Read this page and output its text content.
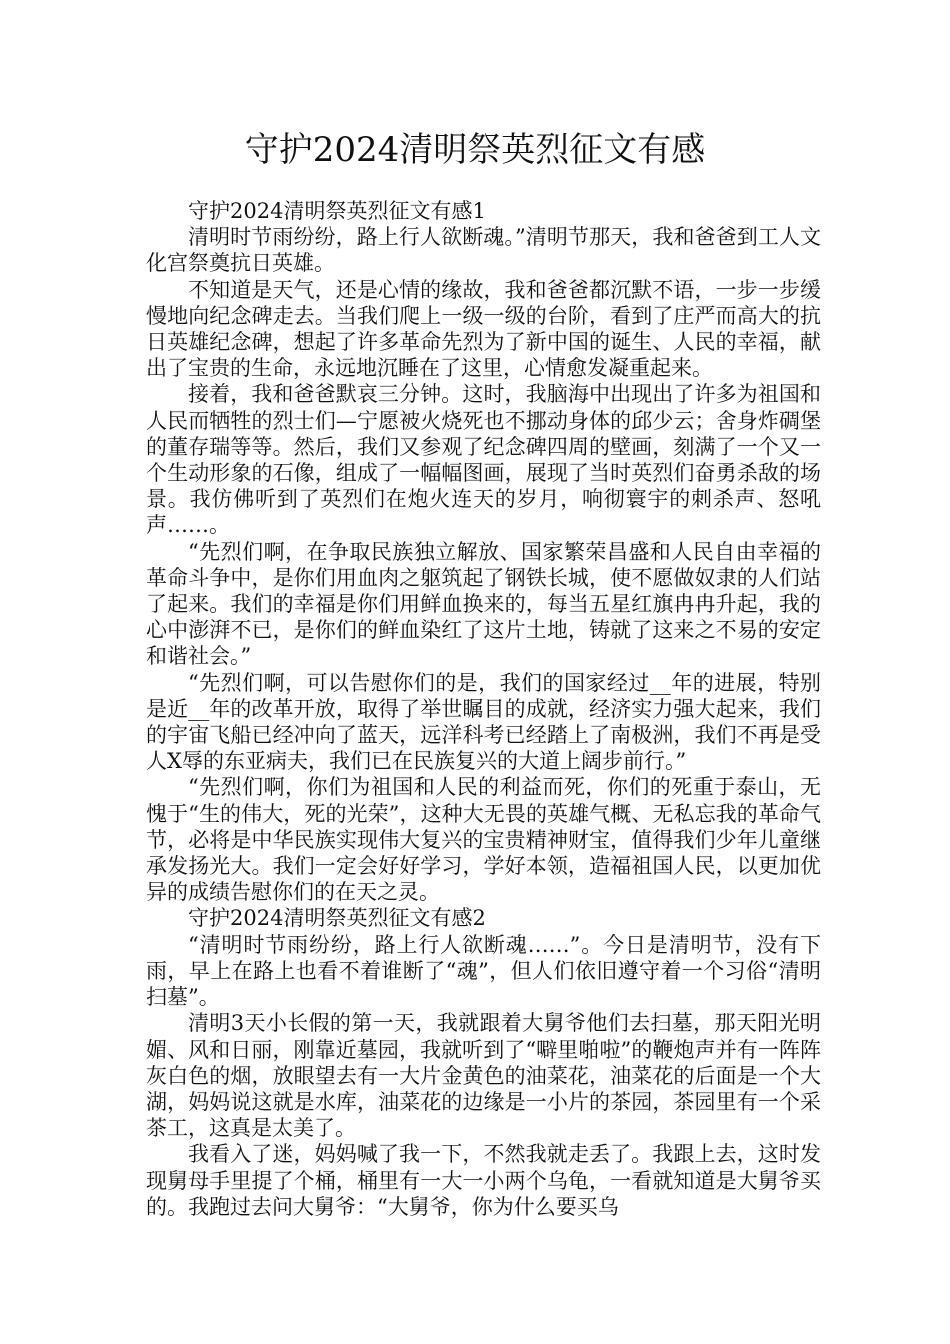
守护2024清明祭英烈征文有感

守护2024清明祭英烈征文有感1

清明时节雨纷纷，路上行人欲断魂。”清明节那天，我和爸爸到工人文化宫祭奠抗日英雄。

不知道是天气，还是心情的缘故，我和爸爸都沉默不语，一步一步缓慢地向纪念碑走去。当我们爬上一级一级的台阶，看到了庄严而高大的抗日英雄纪念碑，想起了许多革命先烈为了新中国的诞生、人民的幸福，献出了宝贵的生命，永远地沉睡在了这里，心情愈发凝重起来。

接着，我和爸爸默哀三分钟。这时，我脑海中出现出了许多为祖国和人民而牺牲的烈士们—宁愿被火烧死也不挪动身体的邱少云；舍身炸碉堡的董存瑞等等。然后，我们又参观了纪念碑四周的壁画，刻满了一个又一个生动形象的石像，组成了一幅幅图画，展现了当时英烈们奋勇杀敌的场景。我仿佛听到了英烈们在炮火连天的岁月，响彻寰宇的刺杀声、怒吼声……。

“先烈们啊，在争取民族独立解放、国家繁荣昌盛和人民自由幸福的革命斗争中，是你们用血肉之躯筑起了钢铁长城，使不愿做奴隶的人们站了起来。我们的幸福是你们用鲜血换来的，每当五星红旗冉冉升起，我的心中澎湃不已，是你们的鲜血染红了这片土地，铸就了这来之不易的安定和谐社会。”

“先烈们啊，可以告慰你们的是，我们的国家经过__年的进展，特别是近__年的改革开放，取得了举世瞩目的成就，经济实力强大起来，我们的宇宙飞船已经冲向了蓝天，远洋科考已经踏上了南极洲，我们不再是受人X辱的东亚病夫，我们已在民族复兴的大道上阔步前行。”

“先烈们啊，你们为祖国和人民的利益而死，你们的死重于泰山，无愧于“生的伟大，死的光荣”，这种大无畏的英雄气概、无私忘我的革命气节，必将是中华民族实现伟大复兴的宝贵精神财宝，值得我们少年儿童继承发扬光大。我们一定会好好学习，学好本领，造福祖国人民，以更加优异的成绩告慰你们的在天之灵。

守护2024清明祭英烈征文有感2

“清明时节雨纷纷，路上行人欲断魂……”。今日是清明节，没有下雨，早上在路上也看不着谁断了“魂”，但人们依旧遵守着一个习俗“清明扫墓”。

清明3天小长假的第一天，我就跟着大舅爷他们去扫墓，那天阳光明媚、风和日丽，刚靠近墓园，我就听到了“噼里啪啦”的鞭炮声并有一阵阵灰白色的烟，放眼望去有一大片金黄色的油菜花，油菜花的后面是一个大湖，妈妈说这就是水库，油菜花的边缘是一小片的茶园，茶园里有一个采茶工，这真是太美了。

我看入了迷，妈妈喊了我一下，不然我就走丢了。我跟上去，这时发现舅母手里提了个桶，桶里有一大一小两个乌龟，一看就知道是大舅爷买的。我跑过去问大舅爷：“大舅爷，你为什么要买乌
